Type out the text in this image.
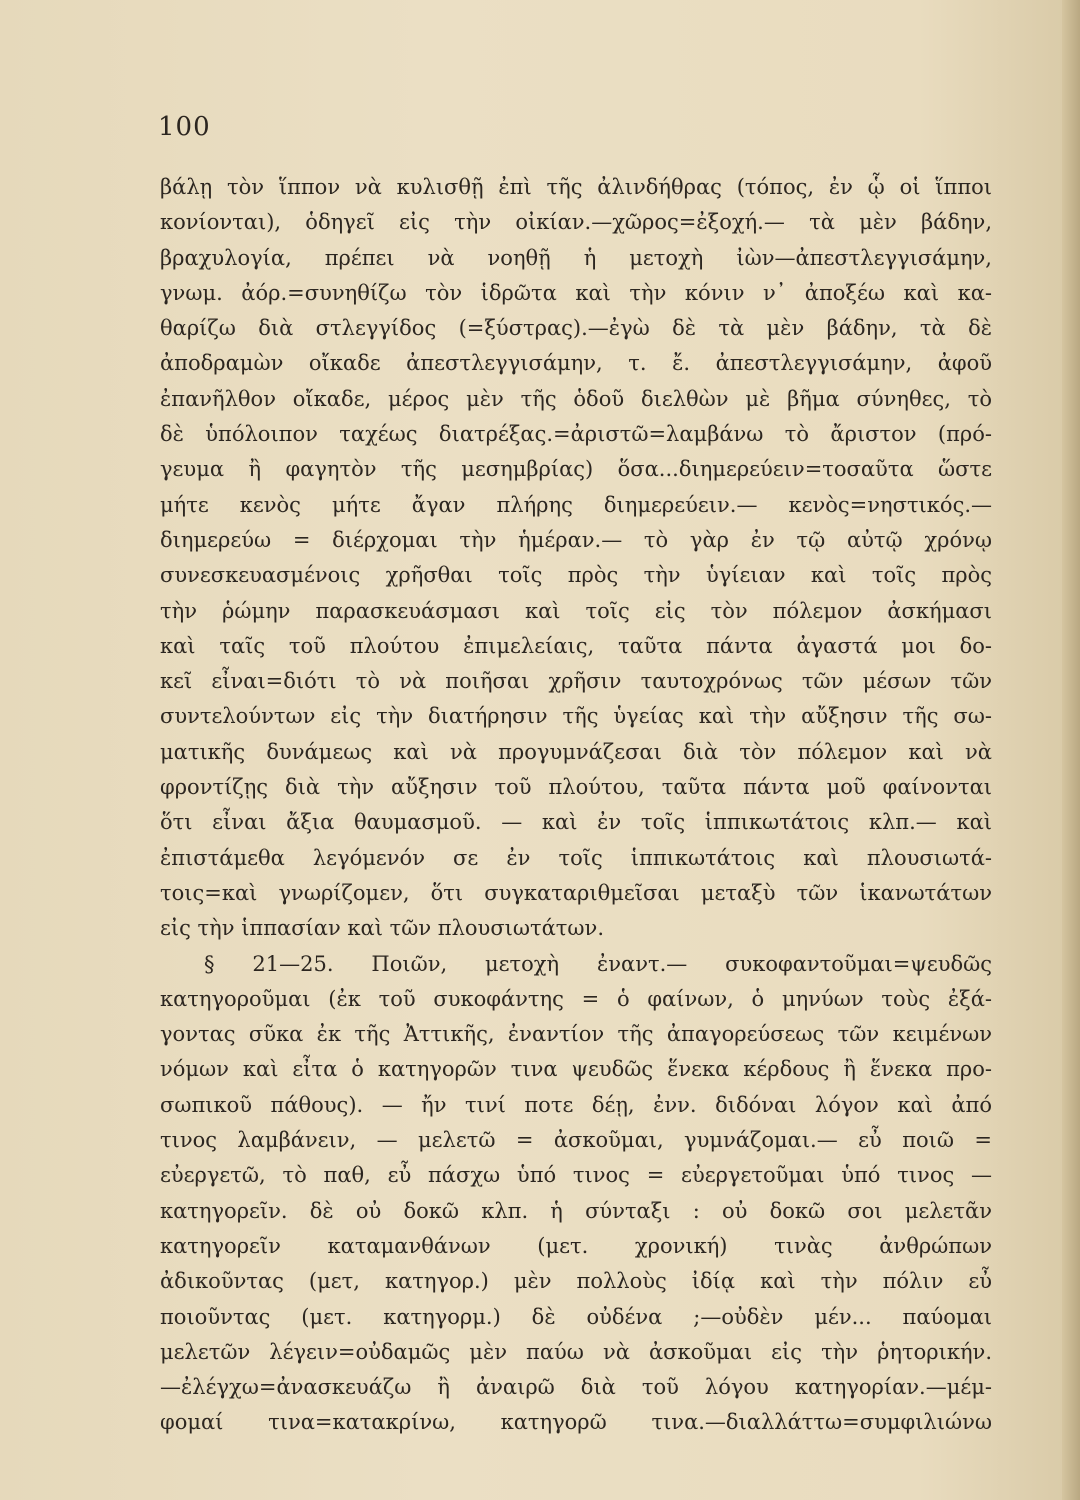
100
βάλῃ τὸν ἵππον νὰ κυλισθῇ ἐπὶ τῆς ἀλινδήθρας (τόπος, ἐν ᾧ οἱ ἵπποι
κονίονται), ὁδηγεῖ εἰς τὴν οἰκίαν.—χῶρος=ἐξοχή.— τὰ μὲν βάδην,
βραχυλογία, πρέπει νὰ νοηθῇ ἡ μετοχὴ ἰὼν—ἀπεστλεγγισάμην,
γνωμ. ἀόρ.=συνηθίζω τὸν ἱδρῶτα καὶ τὴν κόνιν ν᾽ ἀποξέω καὶ κα-
θαρίζω διὰ στλεγγίδος (=ξύστρας).—ἐγὼ δὲ τὰ μὲν βάδην, τὰ δὲ
ἀποδραμὼν οἴκαδε ἀπεστλεγγισάμην, τ. ἔ. ἀπεστλεγγισάμην, ἀφοῦ
ἐπανῆλθον οἴκαδε, μέρος μὲν τῆς ὁδοῦ διελθὼν μὲ βῆμα σύνηθες, τὸ
δὲ ὑπόλοιπον ταχέως διατρέξας.=ἀριστῶ=λαμβάνω τὸ ἄριστον (πρό-
γευμα ἢ φαγητὸν τῆς μεσημβρίας) ὅσα...διημερεύειν=τοσαῦτα ὥστε
μήτε κενὸς μήτε ἄγαν πλήρης διημερεύειν.— κενὸς=νηστικός.—
διημερεύω = διέρχομαι τὴν ἡμέραν.— τὸ γὰρ ἐν τῷ αὐτῷ χρόνῳ
συνεσκευασμένοις χρῆσθαι τοῖς πρὸς τὴν ὑγίειαν καὶ τοῖς πρὸς
τὴν ῥώμην παρασκευάσμασι καὶ τοῖς εἰς τὸν πόλεμον ἀσκήμασι
καὶ ταῖς τοῦ πλούτου ἐπιμελείαις, ταῦτα πάντα ἀγαστά μοι δο-
κεῖ εἶναι=διότι τὸ νὰ ποιῆσαι χρῆσιν ταυτοχρόνως τῶν μέσων τῶν
συντελούντων εἰς τὴν διατήρησιν τῆς ὑγείας καὶ τὴν αὔξησιν τῆς σω-
ματικῆς δυνάμεως καὶ νὰ προγυμνάζεσαι διὰ τὸν πόλεμον καὶ νὰ
φροντίζῃς διὰ τὴν αὔξησιν τοῦ πλούτου, ταῦτα πάντα μοῦ φαίνονται
ὅτι εἶναι ἄξια θαυμασμοῦ. — καὶ ἐν τοῖς ἱππικωτάτοις κλπ.— καὶ
ἐπιστάμεθα λεγόμενόν σε ἐν τοῖς ἱππικωτάτοις καὶ πλουσιωτά-
τοις=καὶ γνωρίζομεν, ὅτι συγκαταριθμεῖσαι μεταξὺ τῶν ἱκανωτάτων
εἰς τὴν ἱππασίαν καὶ τῶν πλουσιωτάτων.
§ 21—25. Ποιῶν, μετοχὴ ἐναντ.— συκοφαντοῦμαι=ψευδῶς
κατηγοροῦμαι (ἐκ τοῦ συκοφάντης = ὁ φαίνων, ὁ μηνύων τοὺς ἐξά-
γοντας σῦκα ἐκ τῆς Ἀττικῆς, ἐναντίον τῆς ἀπαγορεύσεως τῶν κειμένων
νόμων καὶ εἶτα ὁ κατηγορῶν τινα ψευδῶς ἕνεκα κέρδους ἢ ἕνεκα προ-
σωπικοῦ πάθους). — ἤν τινί ποτε δέῃ, ἐνν. διδόναι λόγον καὶ ἀπό
τινος λαμβάνειν, — μελετῶ = ἀσκοῦμαι, γυμνάζομαι.— εὖ ποιῶ =
εὐεργετῶ, τὸ παθ, εὖ πάσχω ὑπό τινος = εὐεργετοῦμαι ὑπό τινος —
κατηγορεῖν. δὲ οὐ δοκῶ κλπ. ἡ σύνταξι : οὐ δοκῶ σοι μελετᾶν
κατηγορεῖν καταμανθάνων (μετ. χρονική) τινὰς ἀνθρώπων
ἀδικοῦντας (μετ, κατηγορ.) μὲν πολλοὺς ἰδίᾳ καὶ τὴν πόλιν εὖ
ποιοῦντας (μετ. κατηγορμ.) δὲ οὐδένα ;—οὐδὲν μέν... παύομαι
μελετῶν λέγειν=οὐδαμῶς μὲν παύω νὰ ἀσκοῦμαι εἰς τὴν ῥητορικήν.
—ἐλέγχω=ἀνασκευάζω ἢ ἀναιρῶ διὰ τοῦ λόγου κατηγορίαν.—μέμ-
φομαί τινα=κατακρίνω, κατηγορῶ τινα.—διαλλάττω=συμφιλιώνω
